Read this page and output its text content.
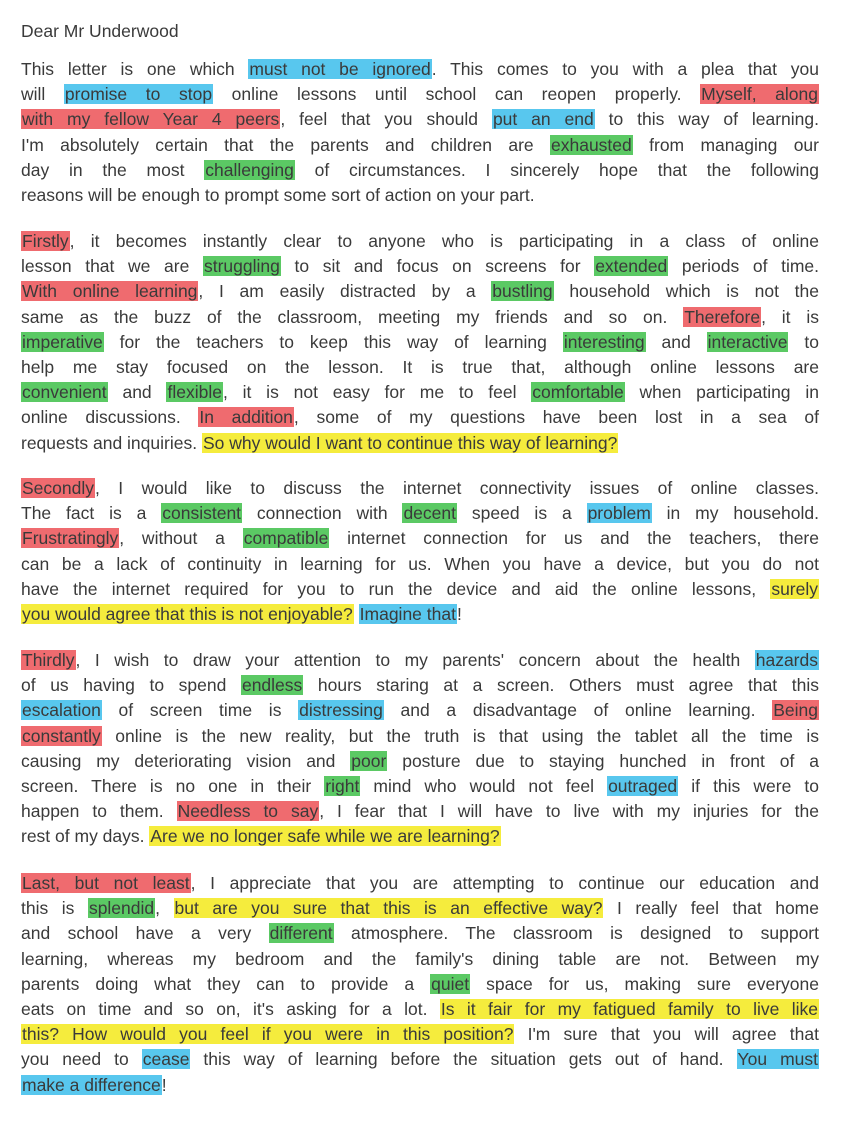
Dear Mr Underwood

This letter is one which must not be ignored. This comes to you with a plea that you
will promise to stop online lessons until school can reopen properly. Myself, along
with my fellow Year 4 peers, feel that you should put an end to this way of learning.
I'm absolutely certain that the parents and children are exhausted from managing our
day in the most challenging of circumstances. I sincerely hope that the following
reasons will be enough to prompt some sort of action on your part.

Firstly, it becomes instantly clear to anyone who is participating in a class of online
lesson that we are struggling to sit and focus on screens for extended periods of time.
With online learning, I am easily distracted by a bustling household which is not the
same as the buzz of the classroom, meeting my friends and so on. Therefore, it is
imperative for the teachers to keep this way of learning interesting and interactive to
help me stay focused on the lesson. It is true that, although online lessons are
convenient and flexible, it is not easy for me to feel comfortable when participating in
online discussions. In addition, some of my questions have been lost in a sea of
requests and inquiries. So why would I want to continue this way of learning?

Secondly, I would like to discuss the internet connectivity issues of online classes.
The fact is a consistent connection with decent speed is a problem in my household.
Frustratingly, without a compatible internet connection for us and the teachers, there
can be a lack of continuity in learning for us. When you have a device, but you do not
have the internet required for you to run the device and aid the online lessons, surely
you would agree that this is not enjoyable? Imagine that!

Thirdly, I wish to draw your attention to my parents' concern about the health hazards
of us having to spend endless hours staring at a screen. Others must agree that this
escalation of screen time is distressing and a disadvantage of online learning. Being
constantly online is the new reality, but the truth is that using the tablet all the time is
causing my deteriorating vision and poor posture due to staying hunched in front of a
screen. There is no one in their right mind who would not feel outraged if this were to
happen to them. Needless to say, I fear that I will have to live with my injuries for the
rest of my days. Are we no longer safe while we are learning?

Last, but not least, I appreciate that you are attempting to continue our education and
this is splendid, but are you sure that this is an effective way? I really feel that home
and school have a very different atmosphere. The classroom is designed to support
learning, whereas my bedroom and the family's dining table are not. Between my
parents doing what they can to provide a quiet space for us, making sure everyone
eats on time and so on, it's asking for a lot. Is it fair for my fatigued family to live like
this? How would you feel if you were in this position? I'm sure that you will agree that
you need to cease this way of learning before the situation gets out of hand. You must
make a difference!
